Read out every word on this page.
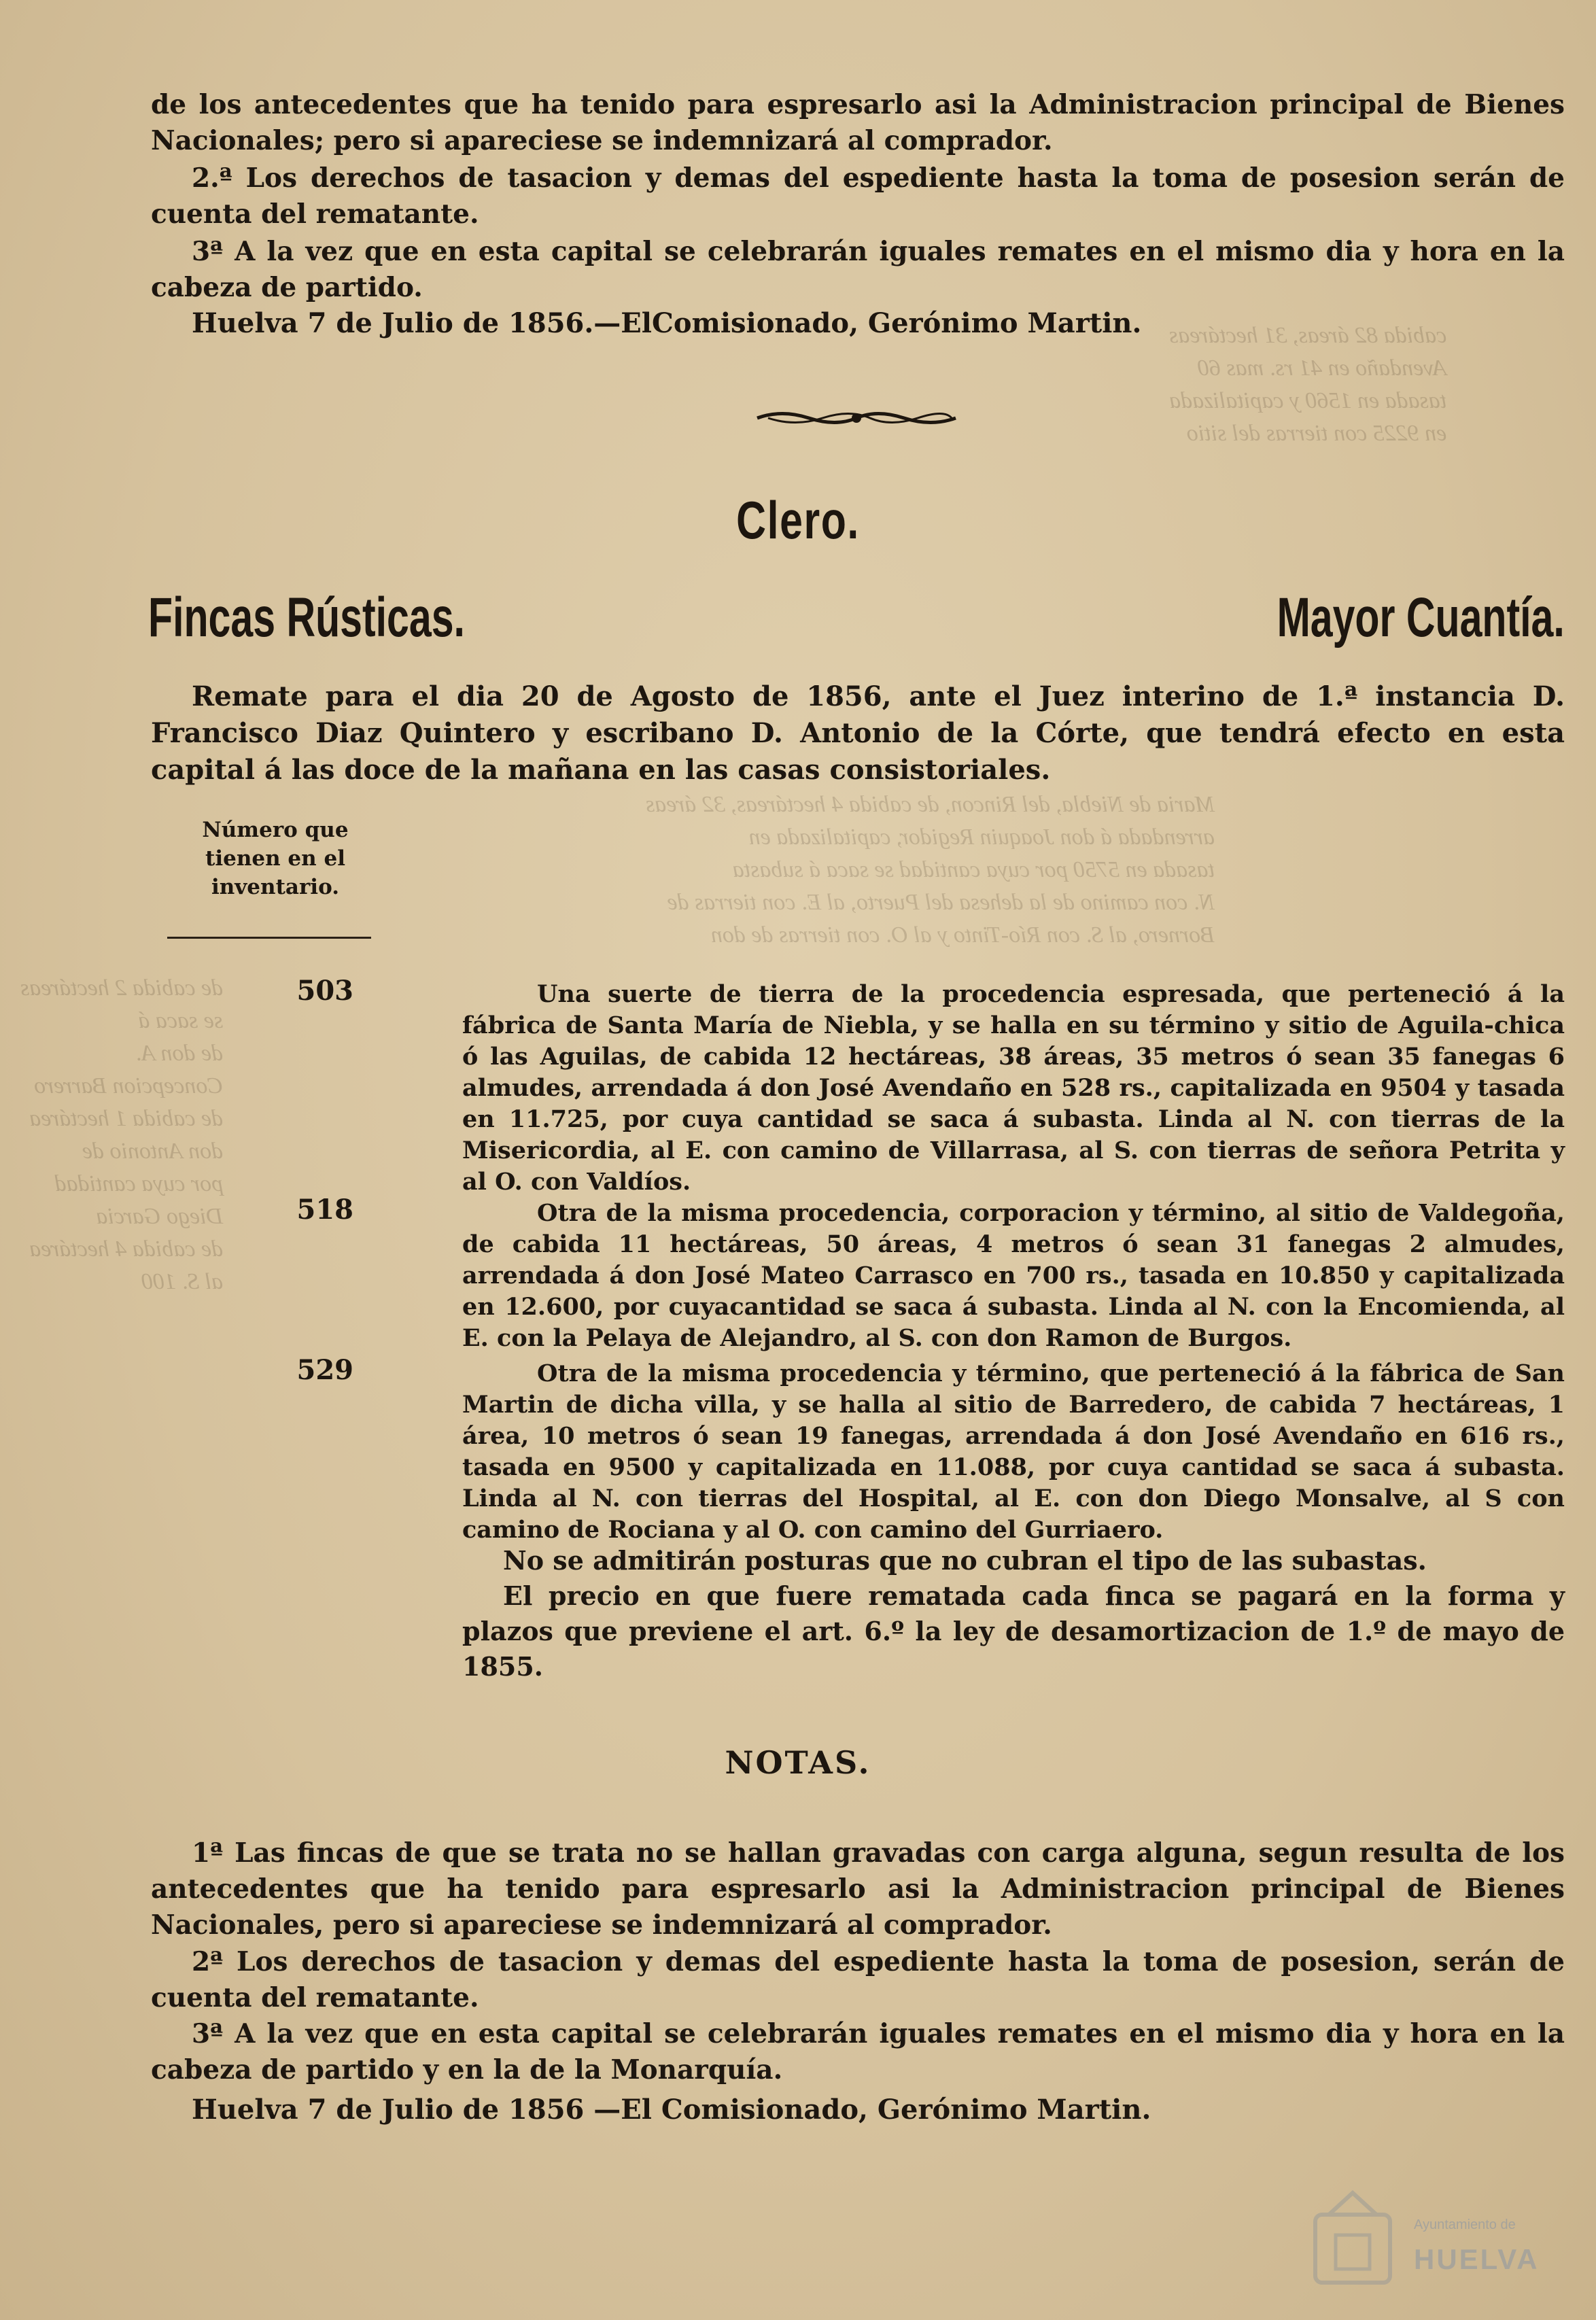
cabida 82 áreas, 31 hectáreas
Avendaño en 41 rs. mas 60
tasada en 1560 y capitalizada
en 9225 con tierras del sitio
Maria de Niebla, del Rincon, de cabida 4 hectáreas, 32 áreas
arrendada á don Joaquin Regidor, capitalizada en
tasada en 5750 por cuya cantidad se saca á subasta
N. con camino de la dehesa del Puerto, al E. con tierras de
Bornero, al S. con Río-Tinto y al O. con tierras de don
de cabida 2 hectáreas
se saca á
de don A.
Concepcion Barrero
de cabida 1 hectárea
don Antonio de
por cuya cantidad
Diego Garcia
de cabida 4 hectárea
al S. 100

de los antecedentes que ha tenido para espresarlo asi la Administracion principal de Bienes Nacionales; pero si apareciese se indemnizará al comprador.

2.ª Los derechos de tasacion y demas del espediente hasta la toma de posesion serán de cuenta del rematante.

3ª A la vez que en esta capital se celebrarán iguales remates en el mismo dia y hora en la cabeza de partido.

Huelva 7 de Julio de 1856.—ElComisionado, Gerónimo Martin.
Clero.
Fincas Rústicas.	Mayor Cuantía.

Remate para el dia 20 de Agosto de 1856, ante el Juez interino de 1.ª instancia D. Francisco Diaz Quintero y escribano D. Antonio de la Córte, que tendrá efecto en esta capital á las doce de la mañana en las casas consistoriales.

Número que tienen en el inventario.
503	Una suerte de tierra de la procedencia espresada, que perteneció á la fábrica de Santa María de Niebla, y se halla en su término y sitio de Aguila-chica ó las Aguilas, de cabida 12 hectáreas, 38 áreas, 35 metros ó sean 35 fanegas 6 almudes, arrendada á don José Avendaño en 528 rs., capitalizada en 9504 y tasada en 11.725, por cuya cantidad se saca á subasta. Linda al N. con tierras de la Misericordia, al E. con camino de Villarrasa, al S. con tierras de señora Petrita y al O. con Valdíos.

518	Otra de la misma procedencia, corporacion y término, al sitio de Valdegoña, de cabida 11 hectáreas, 50 áreas, 4 metros ó sean 31 fanegas 2 almudes, arrendada á don José Mateo Carrasco en 700 rs., tasada en 10.850 y capitalizada en 12.600, por cuyacantidad se saca á subasta. Linda al N. con la Encomienda, al E. con la Pelaya de Alejandro, al S. con don Ramon de Burgos.

529	Otra de la misma procedencia y término, que perteneció á la fábrica de San Martin de dicha villa, y se halla al sitio de Barredero, de cabida 7 hectáreas, 1 área, 10 metros ó sean 19 fanegas, arrendada á don José Avendaño en 616 rs., tasada en 9500 y capitalizada en 11.088, por cuya cantidad se saca á subasta. Linda al N. con tierras del Hospital, al E. con don Diego Monsalve, al S con camino de Rociana y al O. con camino del Gurriaero.

No se admitirán posturas que no cubran el tipo de las subastas.

El precio en que fuere rematada cada finca se pagará en la forma y plazos que previene el art. 6.º la ley de desamortizacion de 1.º de mayo de 1855.

NOTAS.

1ª Las fincas de que se trata no se hallan gravadas con carga alguna, segun resulta de los antecedentes que ha tenido para espresarlo asi la Administracion principal de Bienes Nacionales, pero si apareciese se indemnizará al comprador.

2ª Los derechos de tasacion y demas del espediente hasta la toma de posesion, serán de cuenta del rematante.

3ª A la vez que en esta capital se celebrarán iguales remates en el mismo dia y hora en la cabeza de partido y en la de la Monarquía.

Huelva 7 de Julio de 1856 —El Comisionado, Gerónimo Martin.
Ayuntamiento de
HUELVA
